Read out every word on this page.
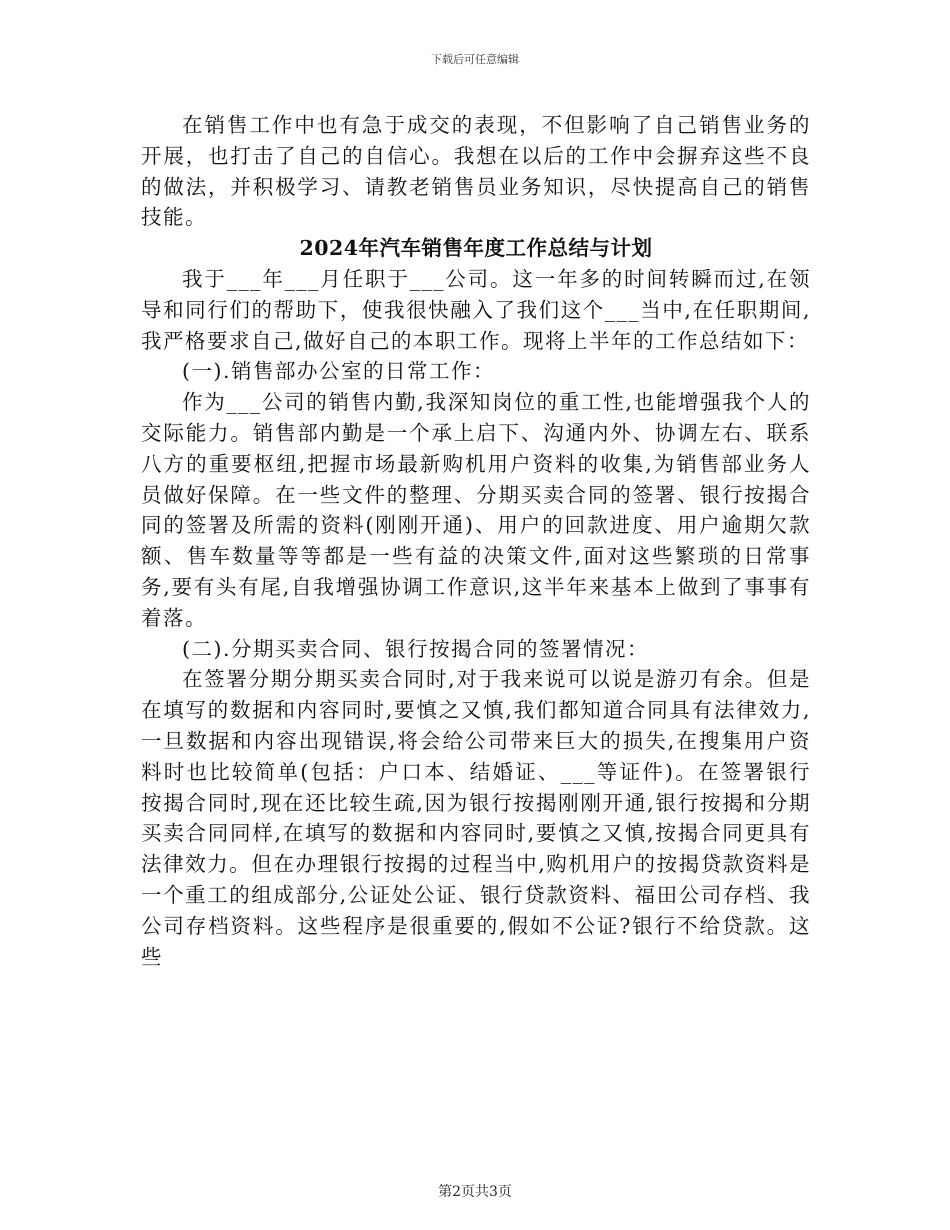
下载后可任意编辑

在销售工作中也有急于成交的表现，不但影响了自己销售业务的开展，也打击了自己的自信心。我想在以后的工作中会摒弃这些不良的做法，并积极学习、请教老销售员业务知识，尽快提高自己的销售技能。

2024年汽车销售年度工作总结与计划

我于___年___月任职于___公司。这一年多的时间转瞬而过,在领导和同行们的帮助下，使我很快融入了我们这个___当中,在任职期间,我严格要求自己,做好自己的本职工作。现将上半年的工作总结如下：

(一).销售部办公室的日常工作：

作为___公司的销售内勤,我深知岗位的重工性,也能增强我个人的交际能力。销售部内勤是一个承上启下、沟通内外、协调左右、联系八方的重要枢纽,把握市场最新购机用户资料的收集,为销售部业务人员做好保障。在一些文件的整理、分期买卖合同的签署、银行按揭合同的签署及所需的资料(刚刚开通)、用户的回款进度、用户逾期欠款额、售车数量等等都是一些有益的决策文件,面对这些繁琐的日常事务,要有头有尾,自我增强协调工作意识,这半年来基本上做到了事事有着落。

(二).分期买卖合同、银行按揭合同的签署情况：

在签署分期分期买卖合同时,对于我来说可以说是游刃有余。但是在填写的数据和内容同时,要慎之又慎,我们都知道合同具有法律效力,一旦数据和内容出现错误,将会给公司带来巨大的损失,在搜集用户资料时也比较简单(包括：户口本、结婚证、___等证件)。在签署银行按揭合同时,现在还比较生疏,因为银行按揭刚刚开通,银行按揭和分期买卖合同同样,在填写的数据和内容同时,要慎之又慎,按揭合同更具有法律效力。但在办理银行按揭的过程当中,购机用户的按揭贷款资料是一个重工的组成部分,公证处公证、银行贷款资料、福田公司存档、我公司存档资料。这些程序是很重要的,假如不公证?银行不给贷款。这些

第2页共3页
